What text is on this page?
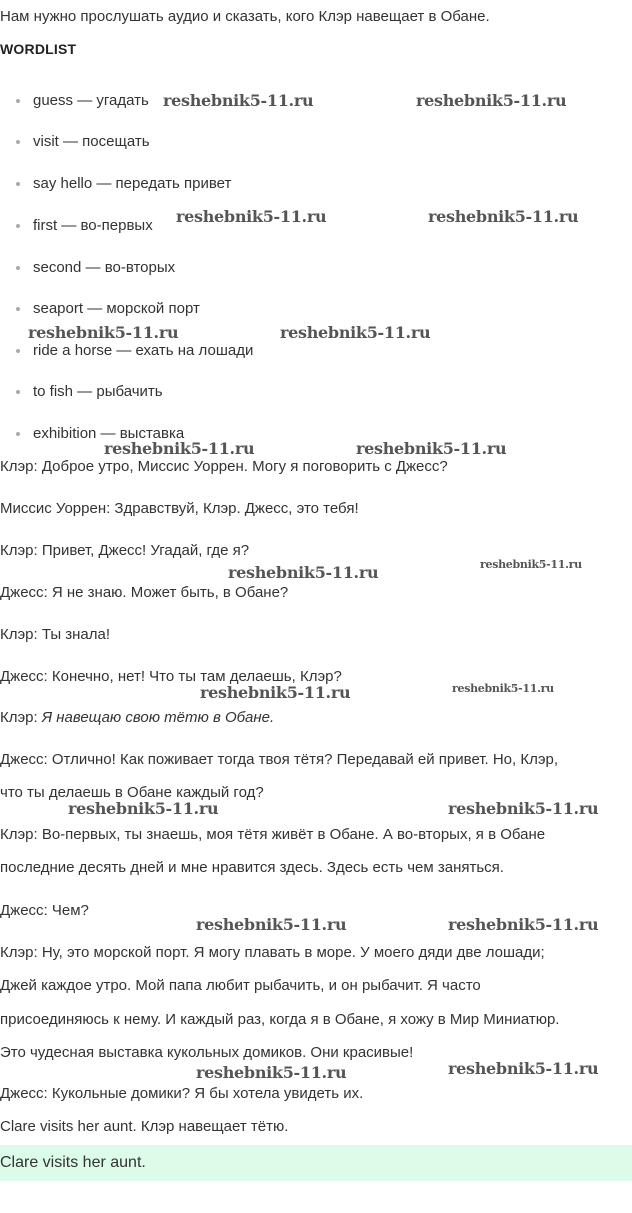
Нам нужно прослушать аудио и сказать, кого Клэр навещает в Обане.
WORDLIST
guess — угадать
visit — посещать
say hello — передать привет
first — во-первых
second — во-вторых
seaport — морской порт
ride a horse — ехать на лошади
to fish — рыбачить
exhibition — выставка
Клэр: Доброе утро, Миссис Уоррен. Могу я поговорить с Джесс?
Миссис Уоррен: Здравствуй, Клэр. Джесс, это тебя!
Клэр: Привет, Джесс! Угадай, где я?
Джесс: Я не знаю. Может быть, в Обане?
Клэр: Ты знала!
Джесс: Конечно, нет! Что ты там делаешь, Клэр?
Клэр: Я навещаю свою тётю в Обане.
Джесс: Отлично! Как поживает тогда твоя тётя? Передавай ей привет. Но, Клэр,
что ты делаешь в Обане каждый год?
Клэр: Во-первых, ты знаешь, моя тётя живёт в Обане. А во-вторых, я в Обане
последние десять дней и мне нравится здесь. Здесь есть чем заняться.
Джесс: Чем?
Клэр: Ну, это морской порт. Я могу плавать в море. У моего дяди две лошади;
Джей каждое утро. Мой папа любит рыбачить, и он рыбачит. Я часто
присоединяюсь к нему. И каждый раз, когда я в Обане, я хожу в Мир Миниатюр.
Это чудесная выставка кукольных домиков. Они красивые!
Джесс: Кукольные домики? Я бы хотела увидеть их.
Clare visits her aunt. Клэр навещает тётю.
Clare visits her aunt.
reshebnik5-11.ru	reshebnik5-11.ru
reshebnik5-11.ru	reshebnik5-11.ru
reshebnik5-11.ru	reshebnik5-11.ru
reshebnik5-11.ru	reshebnik5-11.ru
reshebnik5-11.ru	reshebnik5-11.ru
reshebnik5-11.ru	reshebnik5-11.ru
reshebnik5-11.ru	reshebnik5-11.ru
reshebnik5-11.ru	reshebnik5-11.ru
reshebnik5-11.ru	reshebnik5-11.ru
